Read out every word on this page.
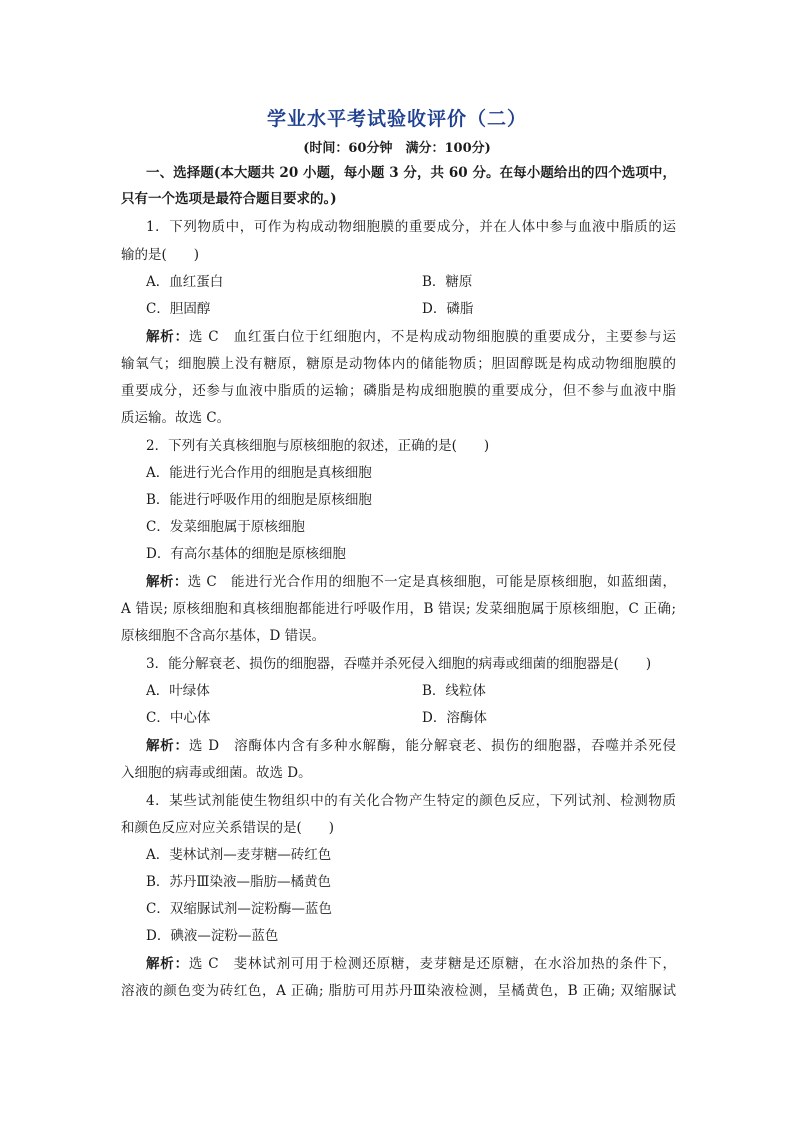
学业水平考试验收评价（二）
(时间：60分钟　满分：100分)
一、选择题(本大题共 20 小题，每小题 3 分，共 60 分。在每小题给出的四个选项中，
只有一个选项是最符合题目要求的。)
1．下列物质中，可作为构成动物细胞膜的重要成分，并在人体中参与血液中脂质的运
输的是(　　)
A．血红蛋白	B．糖原
C．胆固醇	D．磷脂
解析：选 C　血红蛋白位于红细胞内，不是构成动物细胞膜的重要成分，主要参与运
输氧气；细胞膜上没有糖原，糖原是动物体内的储能物质；胆固醇既是构成动物细胞膜的
重要成分，还参与血液中脂质的运输；磷脂是构成细胞膜的重要成分，但不参与血液中脂
质运输。故选 C。
2．下列有关真核细胞与原核细胞的叙述，正确的是(　　)
A．能进行光合作用的细胞是真核细胞
B．能进行呼吸作用的细胞是原核细胞
C．发菜细胞属于原核细胞
D．有高尔基体的细胞是原核细胞
解析：选 C　能进行光合作用的细胞不一定是真核细胞，可能是原核细胞，如蓝细菌，
A 错误; 原核细胞和真核细胞都能进行呼吸作用，B 错误; 发菜细胞属于原核细胞，C 正确;
原核细胞不含高尔基体，D 错误。
3．能分解衰老、损伤的细胞器，吞噬并杀死侵入细胞的病毒或细菌的细胞器是(　　)
A．叶绿体	B．线粒体
C．中心体	D．溶酶体
解析：选 D　溶酶体内含有多种水解酶，能分解衰老、损伤的细胞器，吞噬并杀死侵
入细胞的病毒或细菌。故选 D。
4．某些试剂能使生物组织中的有关化合物产生特定的颜色反应，下列试剂、检测物质
和颜色反应对应关系错误的是(　　)
A．斐林试剂—麦芽糖—砖红色
B．苏丹Ⅲ染液—脂肪—橘黄色
C．双缩脲试剂—淀粉酶—蓝色
D．碘液—淀粉—蓝色
解析：选 C　斐林试剂可用于检测还原糖，麦芽糖是还原糖，在水浴加热的条件下，
溶液的颜色变为砖红色，A 正确; 脂肪可用苏丹Ⅲ染液检测，呈橘黄色，B 正确; 双缩脲试
